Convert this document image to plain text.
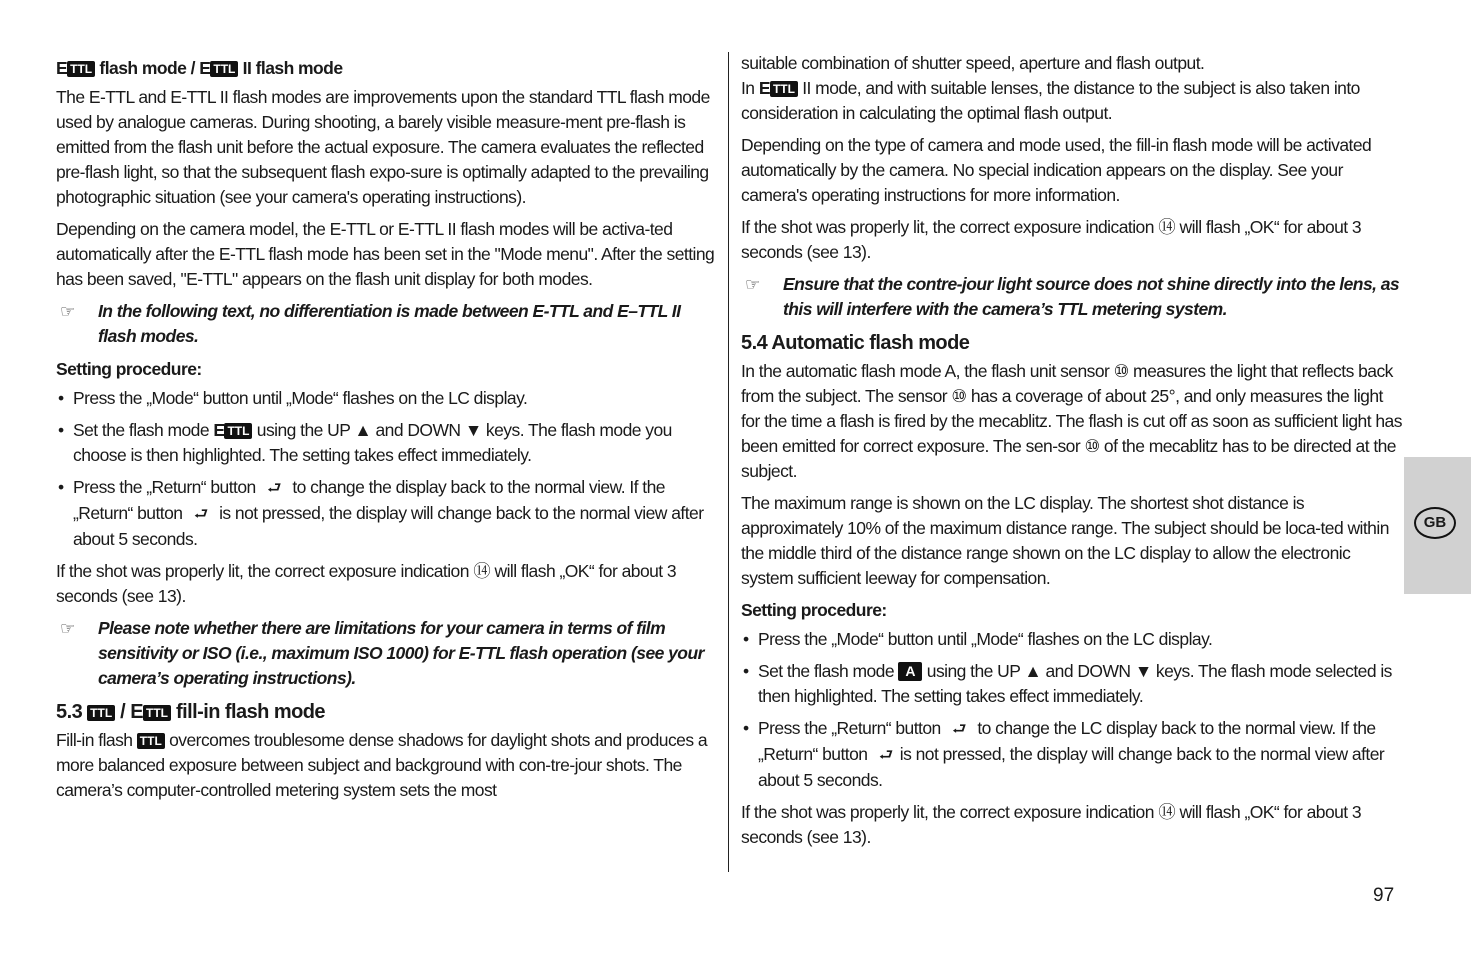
E TTL flash mode / E TTL II flash mode

The E-TTL and E-TTL II flash modes are improvements upon the standard TTL flash mode used by analogue cameras. During shooting, a barely visible measure-ment pre-flash is emitted from the flash unit before the actual exposure. The camera evaluates the reflected pre-flash light, so that the subsequent flash expo-sure is optimally adapted to the prevailing photographic situation (see your camera's operating instructions).

Depending on the camera model, the E-TTL or E-TTL II flash modes will be activa-ted automatically after the E-TTL flash mode has been set in the "Mode menu". After the setting has been saved, "E-TTL" appears on the flash unit display for both modes.

☞	In the following text, no differentiation is made between E-TTL and E–TTL II flash modes.
Setting procedure:
• Press the „Mode“ button until „Mode“ flashes on the LC display.
• Set the flash mode E TTL using the UP ▲ and DOWN ▼ keys. The flash mode you choose is then highlighted. The setting takes effect immediately.
• Press the „Return“ button ⮐ to change the display back to the normal view. If the „Return“ button ⮐ is not pressed, the display will change back to the normal view after about 5 seconds.

If the shot was properly lit, the correct exposure indication ⑭ will flash „OK“ for about 3 seconds (see 13).

☞	Please note whether there are limitations for your camera in terms of film sensitivity or ISO (i.e., maximum ISO 1000) for E-TTL flash operation (see your camera’s operating instructions).
5.3 TTL / E TTL fill-in flash mode

Fill-in flash TTL overcomes troublesome dense shadows for daylight shots and produces a more balanced exposure between subject and background with con-tre-jour shots. The camera’s computer-controlled metering system sets the most

suitable combination of shutter speed, aperture and flash output.

In E TTL II mode, and with suitable lenses, the distance to the subject is also taken into consideration in calculating the optimal flash output.

Depending on the type of camera and mode used, the fill-in flash mode will be activated automatically by the camera. No special indication appears on the display. See your camera's operating instructions for more information.

If the shot was properly lit, the correct exposure indication ⑭ will flash „OK“ for about 3 seconds (see 13).

☞	Ensure that the contre-jour light source does not shine directly into the lens, as this will interfere with the camera’s TTL metering system.
5.4 Automatic flash mode

In the automatic flash mode A, the flash unit sensor ⑩ measures the light that reflects back from the subject. The sensor ⑩ has a coverage of about 25°, and only measures the light for the time a flash is fired by the mecablitz. The flash is cut off as soon as sufficient light has been emitted for correct exposure. The sen-sor ⑩ of the mecablitz has to be directed at the subject.

The maximum range is shown on the LC display. The shortest shot distance is approximately 10% of the maximum distance range. The subject should be loca-ted within the middle third of the distance range shown on the LC display to allow the electronic system sufficient leeway for compensation.

Setting procedure:
• Press the „Mode“ button until „Mode“ flashes on the LC display.
• Set the flash mode A using the UP ▲ and DOWN ▼ keys. The flash mode selected is then highlighted. The setting takes effect immediately.
• Press the „Return“ button ⮐ to change the LC display back to the normal view. If the „Return“ button ⮐ is not pressed, the display will change back to the normal view after about 5 seconds.

If the shot was properly lit, the correct exposure indication ⑭ will flash „OK“ for about 3 seconds (see 13).

GB
97
